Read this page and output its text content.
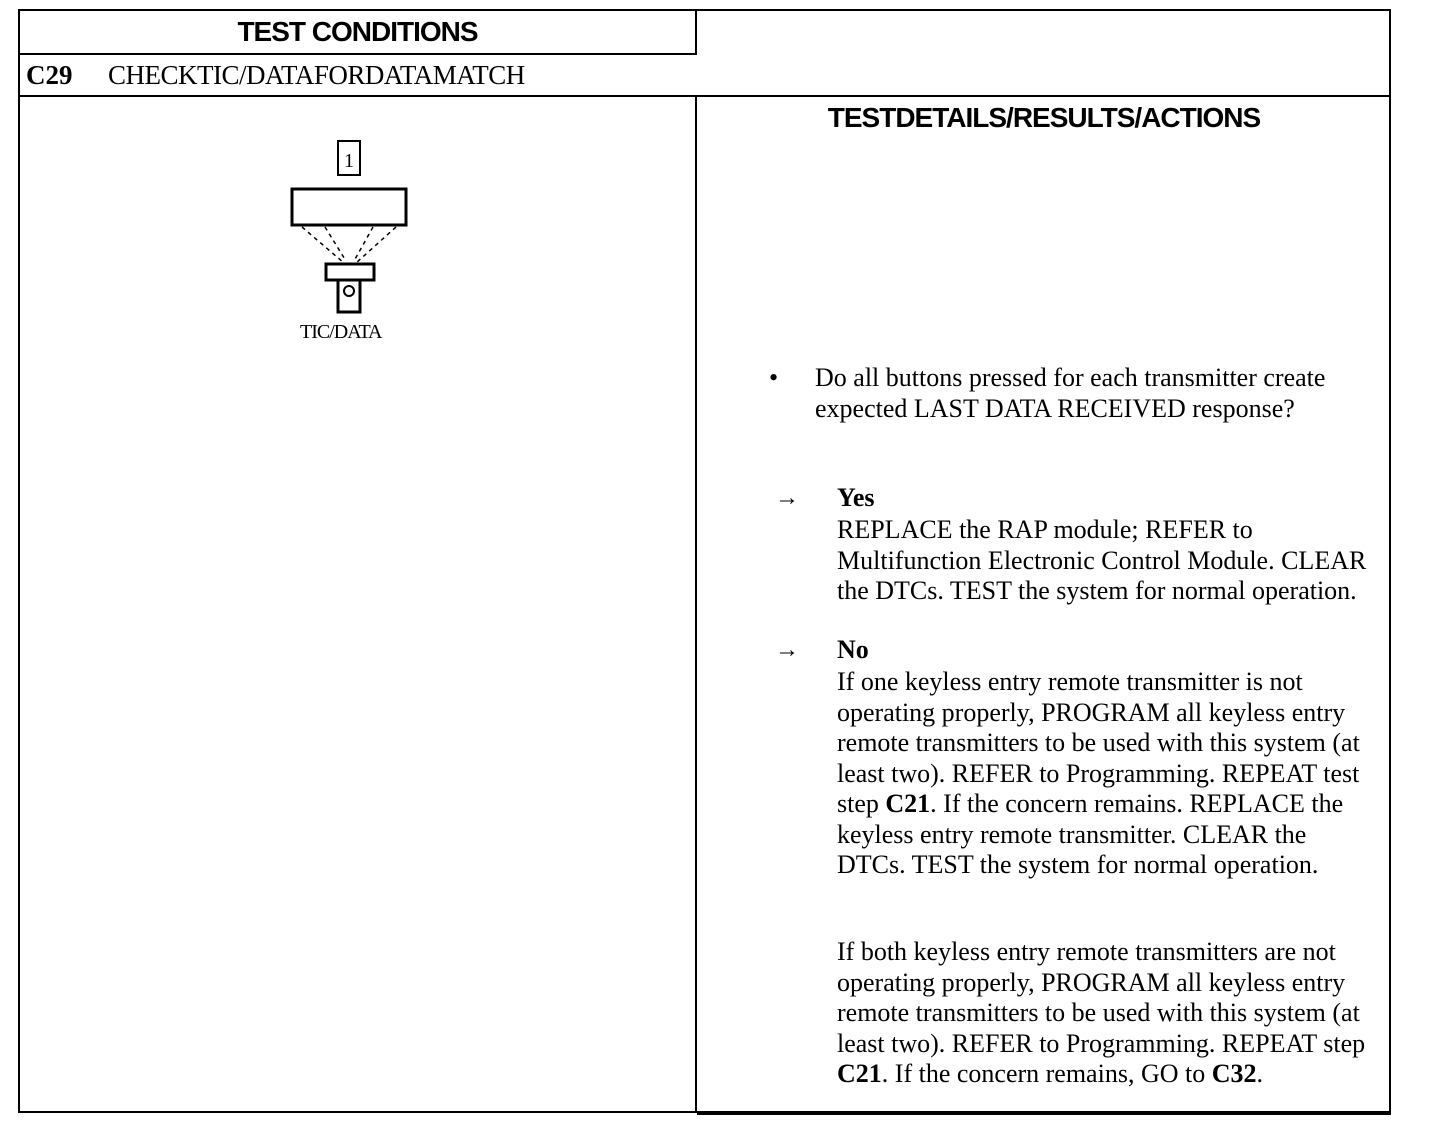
TEST CONDITIONS
TESTDETAILS/RESULTS/ACTIONS
C29 CHECKTIC/DATAFORDATAMATCH
1
TIC/DATA
• Do all buttons pressed for each transmitter create expected LAST DATA RECEIVED response?
→ Yes
REPLACE the RAP module; REFER to Multifunction Electronic Control Module. CLEAR the DTCs. TEST the system for normal operation.
→ No
If one keyless entry remote transmitter is not operating properly, PROGRAM all keyless entry remote transmitters to be used with this system (at least two). REFER to Programming. REPEAT test step C21. If the concern remains. REPLACE the keyless entry remote transmitter. CLEAR the DTCs. TEST the system for normal operation.
If both keyless entry remote transmitters are not operating properly, PROGRAM all keyless entry remote transmitters to be used with this system (at least two). REFER to Programming. REPEAT step C21. If the concern remains, GO to C32.
